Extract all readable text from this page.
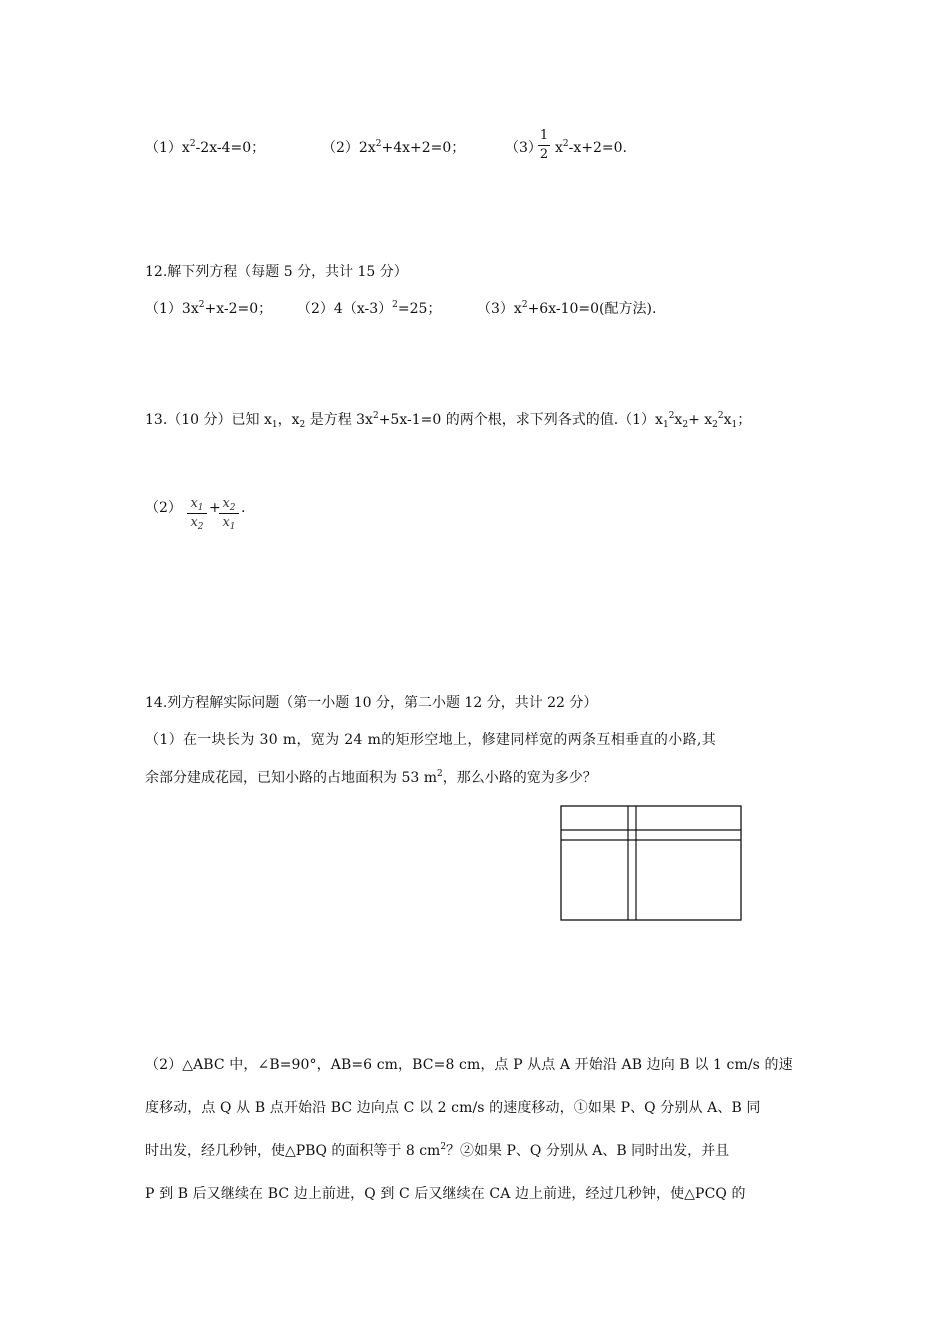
$(1)x^2-2x-4=0$；	$(2)2x^2+4x+2=0$；	（3）
1
2 $x^2-x+2=0$.
12.解下列方程（每题 5 分，共计 15 分）
$(1)3x^2+x-2=0$； $(2)4(x-3)^2=25$；	$(3)x^2+6x-10=0$(配方法).
13.（10 分）已知 $x_1$，$x_2$ 是方程 $3x^2+5x-1=0$ 的两个根，求下列各式的值$.(1)x_1^2x_2+ x_2^2x_1$；
（2） $x_1$
$x_2$
+ $x_2$
$x_1$
.
14.列方程解实际问题（第一小题 10 分，第二小题 12 分，共计 22 分）
（1）在一块长为 30 m，宽为 24 m的矩形空地上，修建同样宽的两条互相垂直的小路,其
余部分建成花园，已知小路的占地面积为 53 $m^2$，那么小路的宽为多少？
（2）△ABC 中，∠B=90°，AB=6 cm，BC=8 cm，点 P 从点 A 开始沿 AB 边向 B 以 1 cm/s 的速
度移动，点 Q 从 B 点开始沿 BC 边向点 C 以 2 cm/s 的速度移动，①如果 P、Q 分别从 A、B 同
时出发，经几秒钟，使△PBQ 的面积等于 8 $cm^2$？②如果 P、Q 分别从 A、B 同时出发，并且
P 到 B 后又继续在 BC 边上前进，Q 到 C 后又继续在 CA 边上前进，经过几秒钟，使△PCQ 的
